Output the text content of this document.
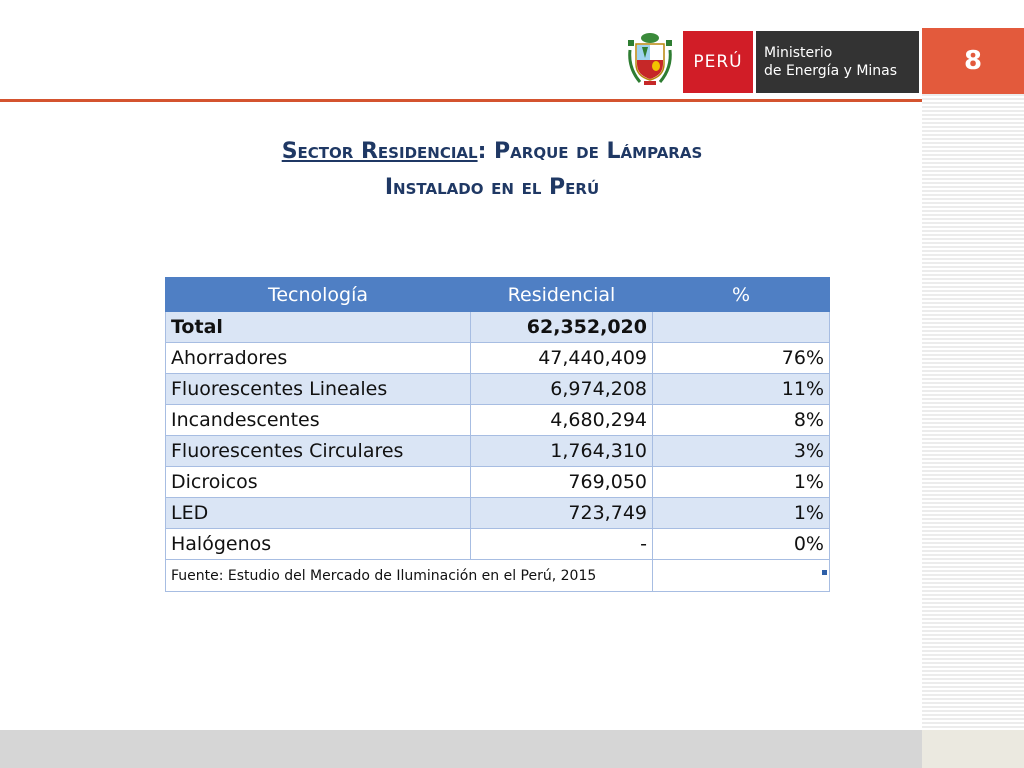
8
PERÚ	Ministerio
de Energía y Minas
Sector Residencial: Parque de Lámparas
Instalado en el Perú
Tecnología	Residencial	%
Total	62,352,020	
Ahorradores	47,440,409	76%
Fluorescentes Lineales	6,974,208	11%
Incandescentes	4,680,294	8%
Fluorescentes Circulares	1,764,310	3%
Dicroicos	769,050	1%
LED	723,749	1%
Halógenos	-	0%
Fuente: Estudio del Mercado de Iluminación en el Perú, 2015		
